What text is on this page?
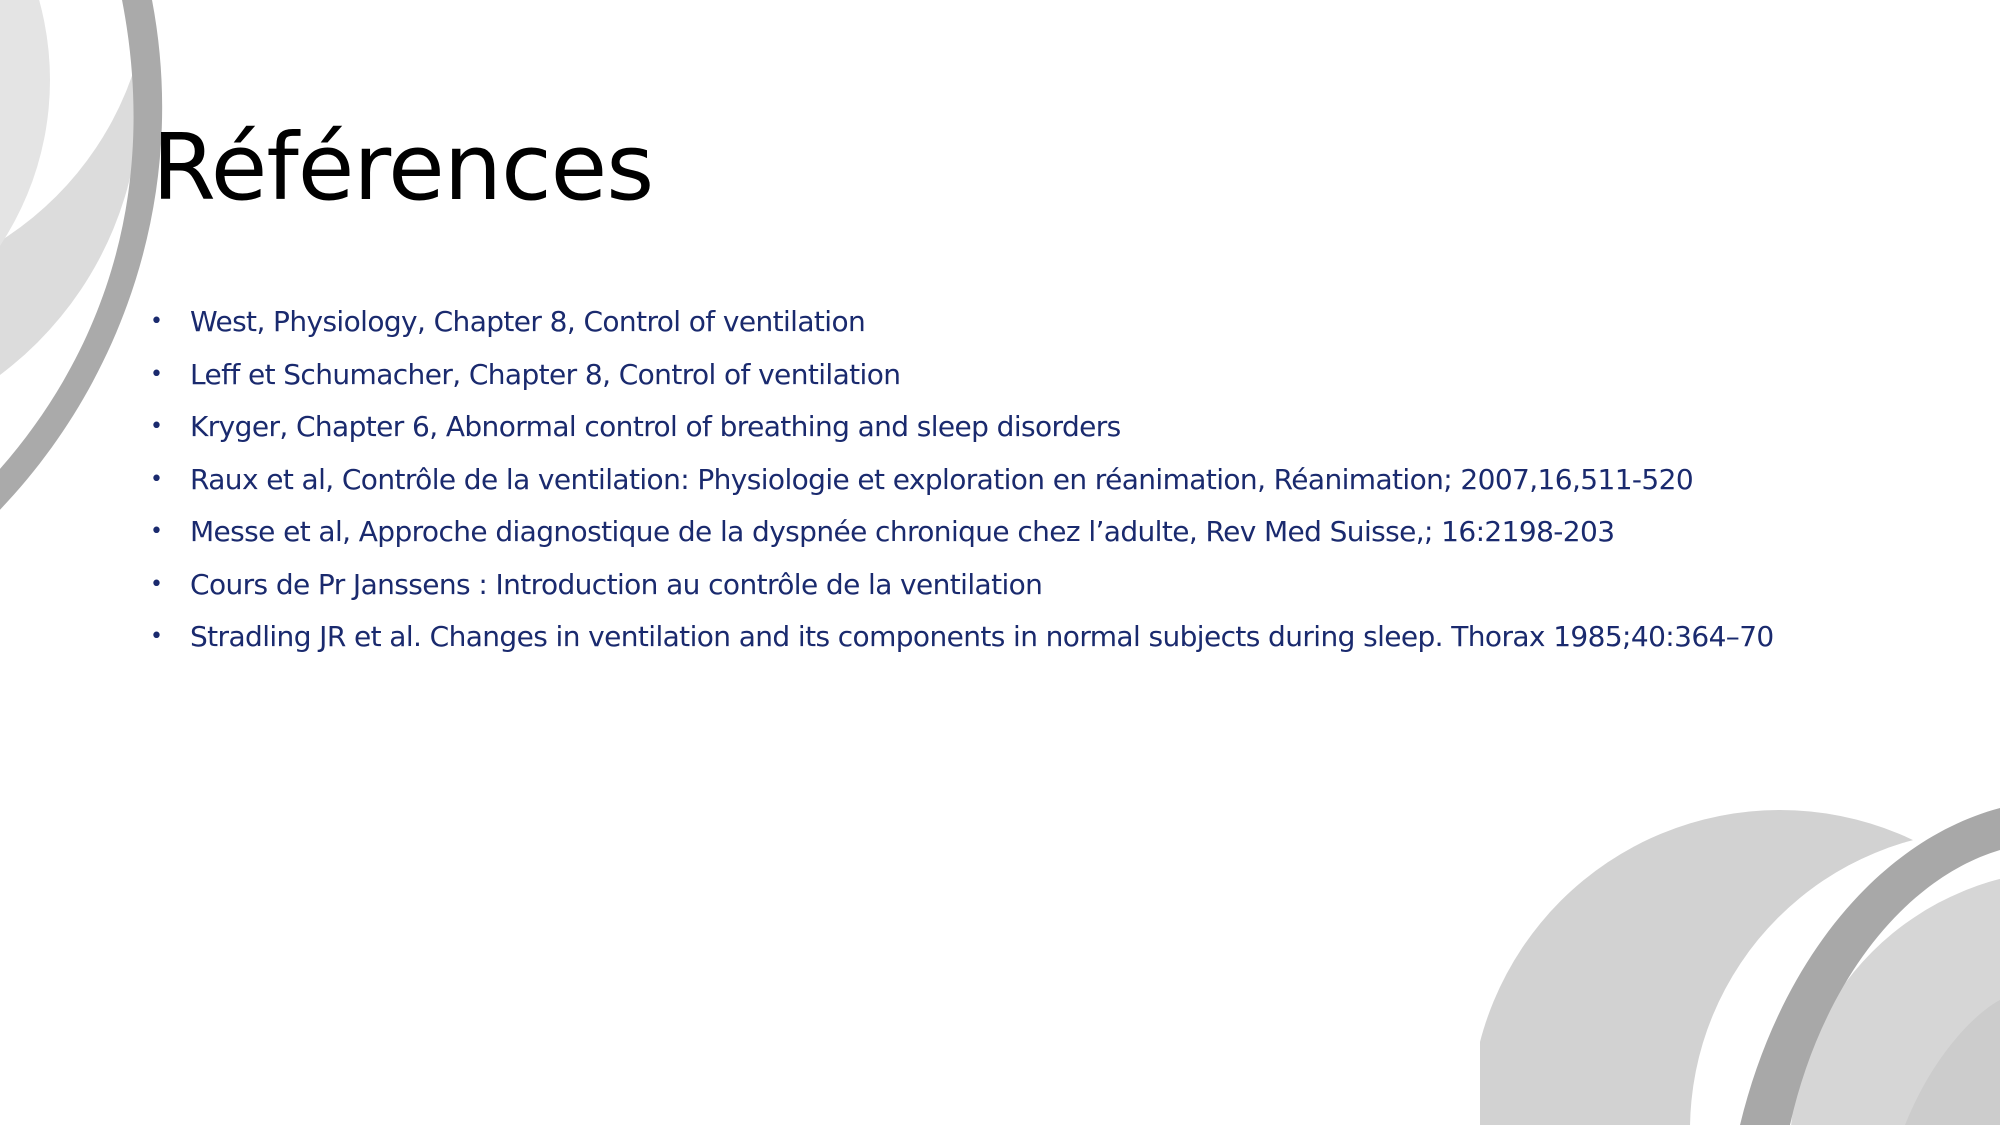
Références
• West, Physiology, Chapter 8, Control of ventilation
• Leff et Schumacher, Chapter 8, Control of ventilation
• Kryger, Chapter 6, Abnormal control of breathing and sleep disorders
• Raux et al, Contrôle de la ventilation: Physiologie et exploration en réanimation, Réanimation; 2007,16,511-520
• Messe et al, Approche diagnostique de la dyspnée chronique chez l’adulte, Rev Med Suisse,; 16:2198-203
• Cours de Pr Janssens : Introduction au contrôle de la ventilation
• Stradling JR et al. Changes in ventilation and its components in normal subjects during sleep. Thorax 1985;40:364–70
